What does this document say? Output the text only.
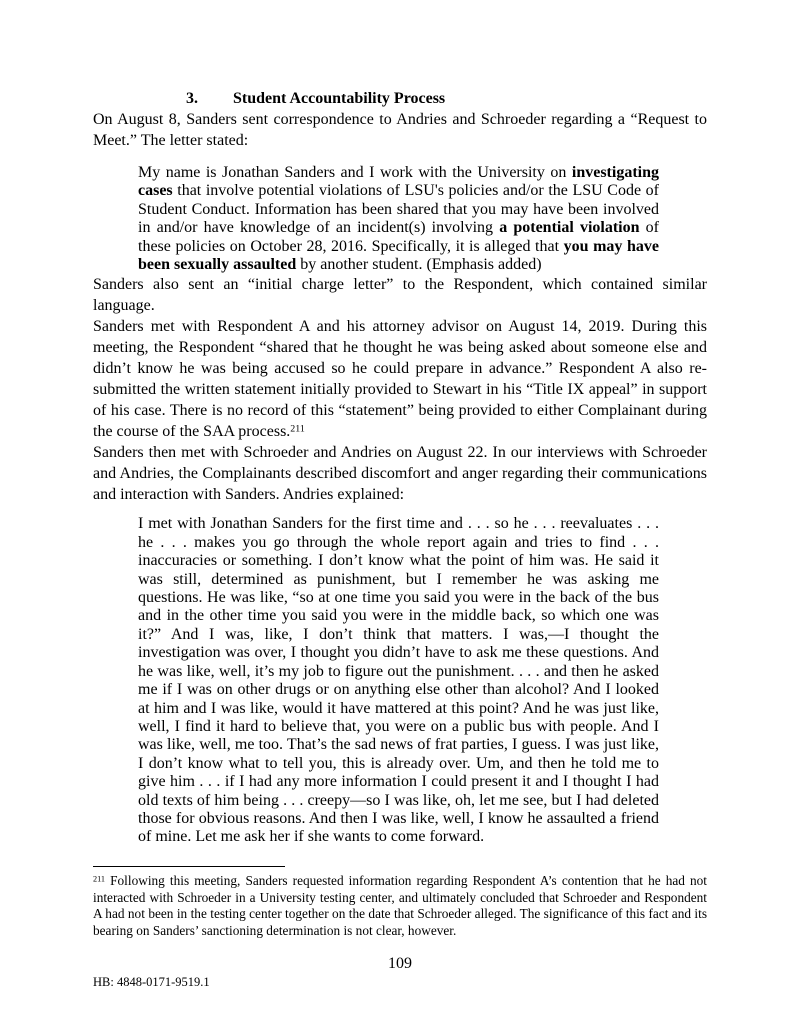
3. Student Accountability Process

On August 8, Sanders sent correspondence to Andries and Schroeder regarding a “Request to Meet.” The letter stated:

My name is Jonathan Sanders and I work with the University on investigating cases that involve potential violations of LSU's policies and/or the LSU Code of Student Conduct. Information has been shared that you may have been involved in and/or have knowledge of an incident(s) involving a potential violation of these policies on October 28, 2016. Specifically, it is alleged that you may have been sexually assaulted by another student. (Emphasis added)

Sanders also sent an “initial charge letter” to the Respondent, which contained similar language.

Sanders met with Respondent A and his attorney advisor on August 14, 2019. During this meeting, the Respondent “shared that he thought he was being asked about someone else and didn’t know he was being accused so he could prepare in advance.” Respondent A also re-submitted the written statement initially provided to Stewart in his “Title IX appeal” in support of his case. There is no record of this “statement” being provided to either Complainant during the course of the SAA process.$^{211}$

Sanders then met with Schroeder and Andries on August 22. In our interviews with Schroeder and Andries, the Complainants described discomfort and anger regarding their communications and interaction with Sanders. Andries explained:

I met with Jonathan Sanders for the first time and . . . so he . . . reevaluates . . . he . . . makes you go through the whole report again and tries to find . . . inaccuracies or something. I don’t know what the point of him was. He said it was still, determined as punishment, but I remember he was asking me questions. He was like, “so at one time you said you were in the back of the bus and in the other time you said you were in the middle back, so which one was it?” And I was, like, I don’t think that matters. I was,—I thought the investigation was over, I thought you didn’t have to ask me these questions. And he was like, well, it’s my job to figure out the punishment. . . . and then he asked me if I was on other drugs or on anything else other than alcohol? And I looked at him and I was like, would it have mattered at this point? And he was just like, well, I find it hard to believe that, you were on a public bus with people. And I was like, well, me too. That’s the sad news of frat parties, I guess. I was just like, I don’t know what to tell you, this is already over. Um, and then he told me to give him . . . if I had any more information I could present it and I thought I had old texts of him being . . . creepy—so I was like, oh, let me see, but I had deleted those for obvious reasons. And then I was like, well, I know he assaulted a friend of mine. Let me ask her if she wants to come forward.

$^{211}$ Following this meeting, Sanders requested information regarding Respondent A’s contention that he had not interacted with Schroeder in a University testing center, and ultimately concluded that Schroeder and Respondent A had not been in the testing center together on the date that Schroeder alleged. The significance of this fact and its bearing on Sanders’ sanctioning determination is not clear, however.

109
HB: 4848-0171-9519.1
